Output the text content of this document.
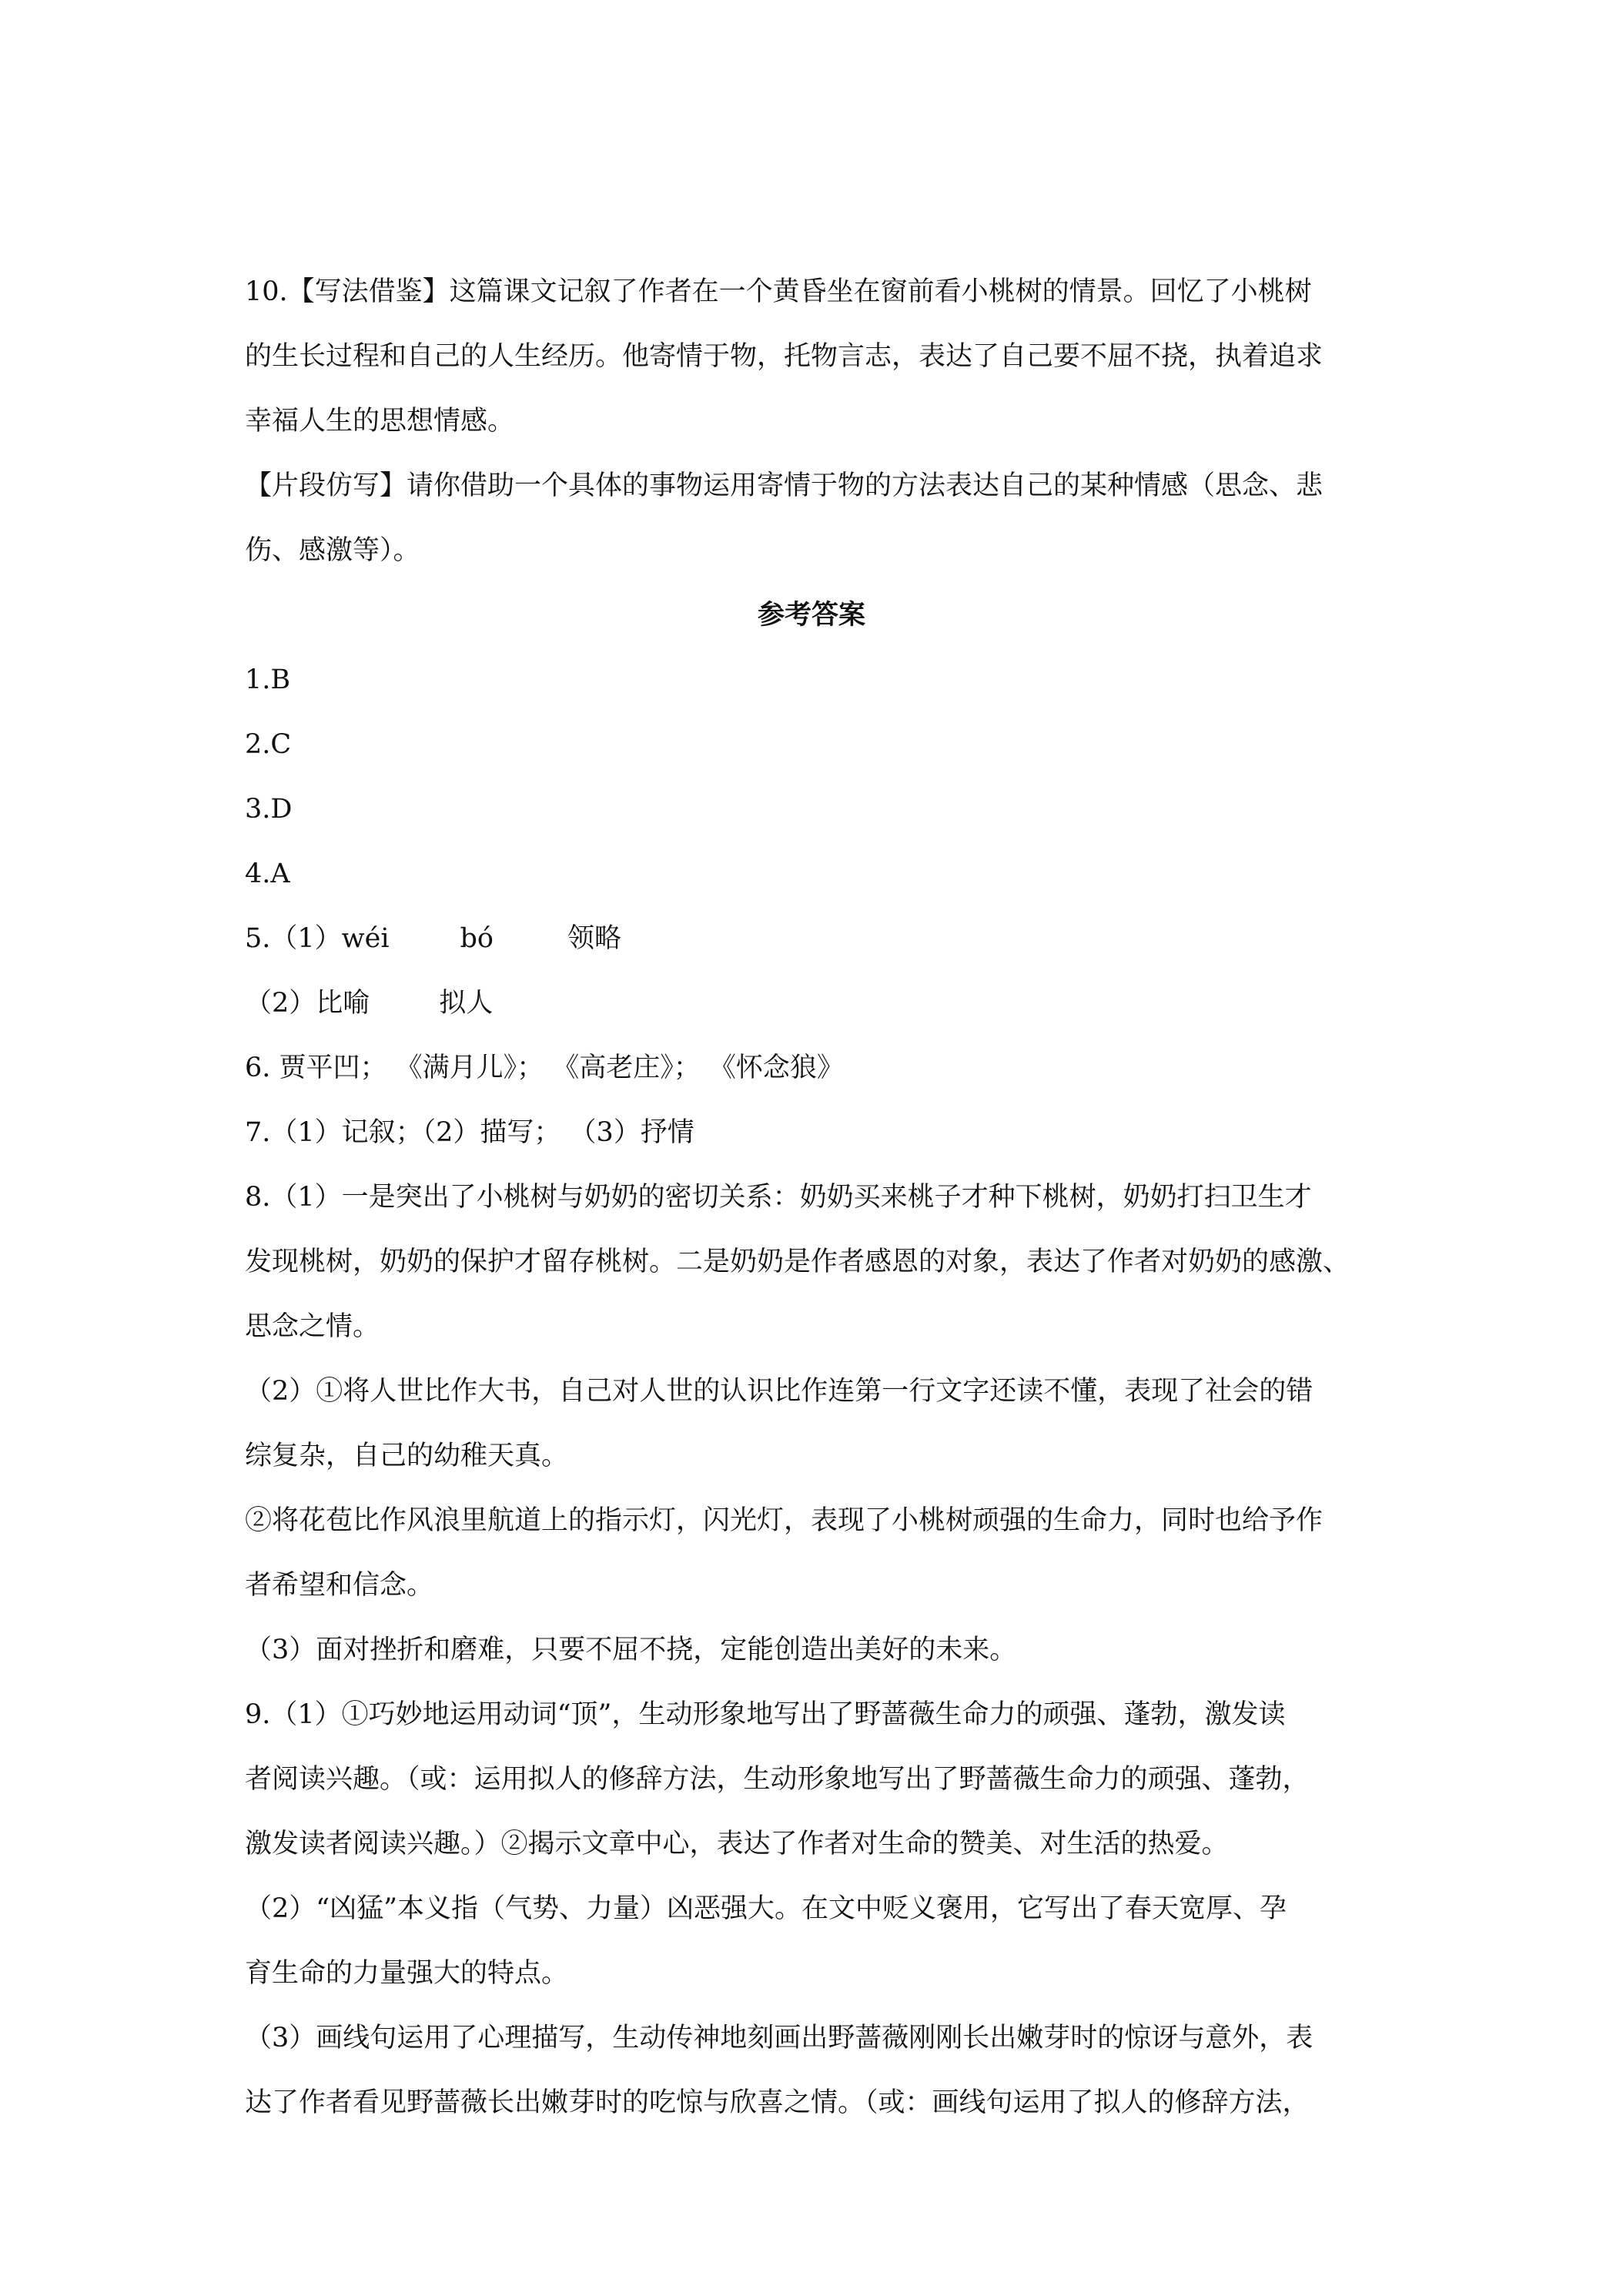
10.【写法借鉴】这篇课文记叙了作者在一个黄昏坐在窗前看小桃树的情景。回忆了小桃树
的生长过程和自己的人生经历。他寄情于物，托物言志，表达了自己要不屈不挠，执着追求
幸福人生的思想情感。
【片段仿写】请你借助一个具体的事物运用寄情于物的方法表达自己的某种情感（思念、悲
伤、感激等）。
参考答案
1.B
2.C
3.D
4.A
5.（1）wéi	bó	领略
（2）比喻	拟人
6. 贾平凹； 《满月儿》； 《高老庄》； 《怀念狼》
7.（1）记叙；（2）描写； （3）抒情
8.（1）一是突出了小桃树与奶奶的密切关系：奶奶买来桃子才种下桃树，奶奶打扫卫生才
发现桃树，奶奶的保护才留存桃树。二是奶奶是作者感恩的对象，表达了作者对奶奶的感激、
思念之情。
（2）①将人世比作大书，自己对人世的认识比作连第一行文字还读不懂，表现了社会的错
综复杂，自己的幼稚天真。
②将花苞比作风浪里航道上的指示灯，闪光灯，表现了小桃树顽强的生命力，同时也给予作
者希望和信念。
（3）面对挫折和磨难，只要不屈不挠，定能创造出美好的未来。
9.（1）①巧妙地运用动词“顶”，生动形象地写出了野蔷薇生命力的顽强、蓬勃，激发读
者阅读兴趣。（或：运用拟人的修辞方法，生动形象地写出了野蔷薇生命力的顽强、蓬勃，
激发读者阅读兴趣。）②揭示文章中心，表达了作者对生命的赞美、对生活的热爱。
（2）“凶猛”本义指（气势、力量）凶恶强大。在文中贬义褒用，它写出了春天宽厚、孕
育生命的力量强大的特点。
（3）画线句运用了心理描写，生动传神地刻画出野蔷薇刚刚长出嫩芽时的惊讶与意外，表
达了作者看见野蔷薇长出嫩芽时的吃惊与欣喜之情。（或：画线句运用了拟人的修辞方法，
